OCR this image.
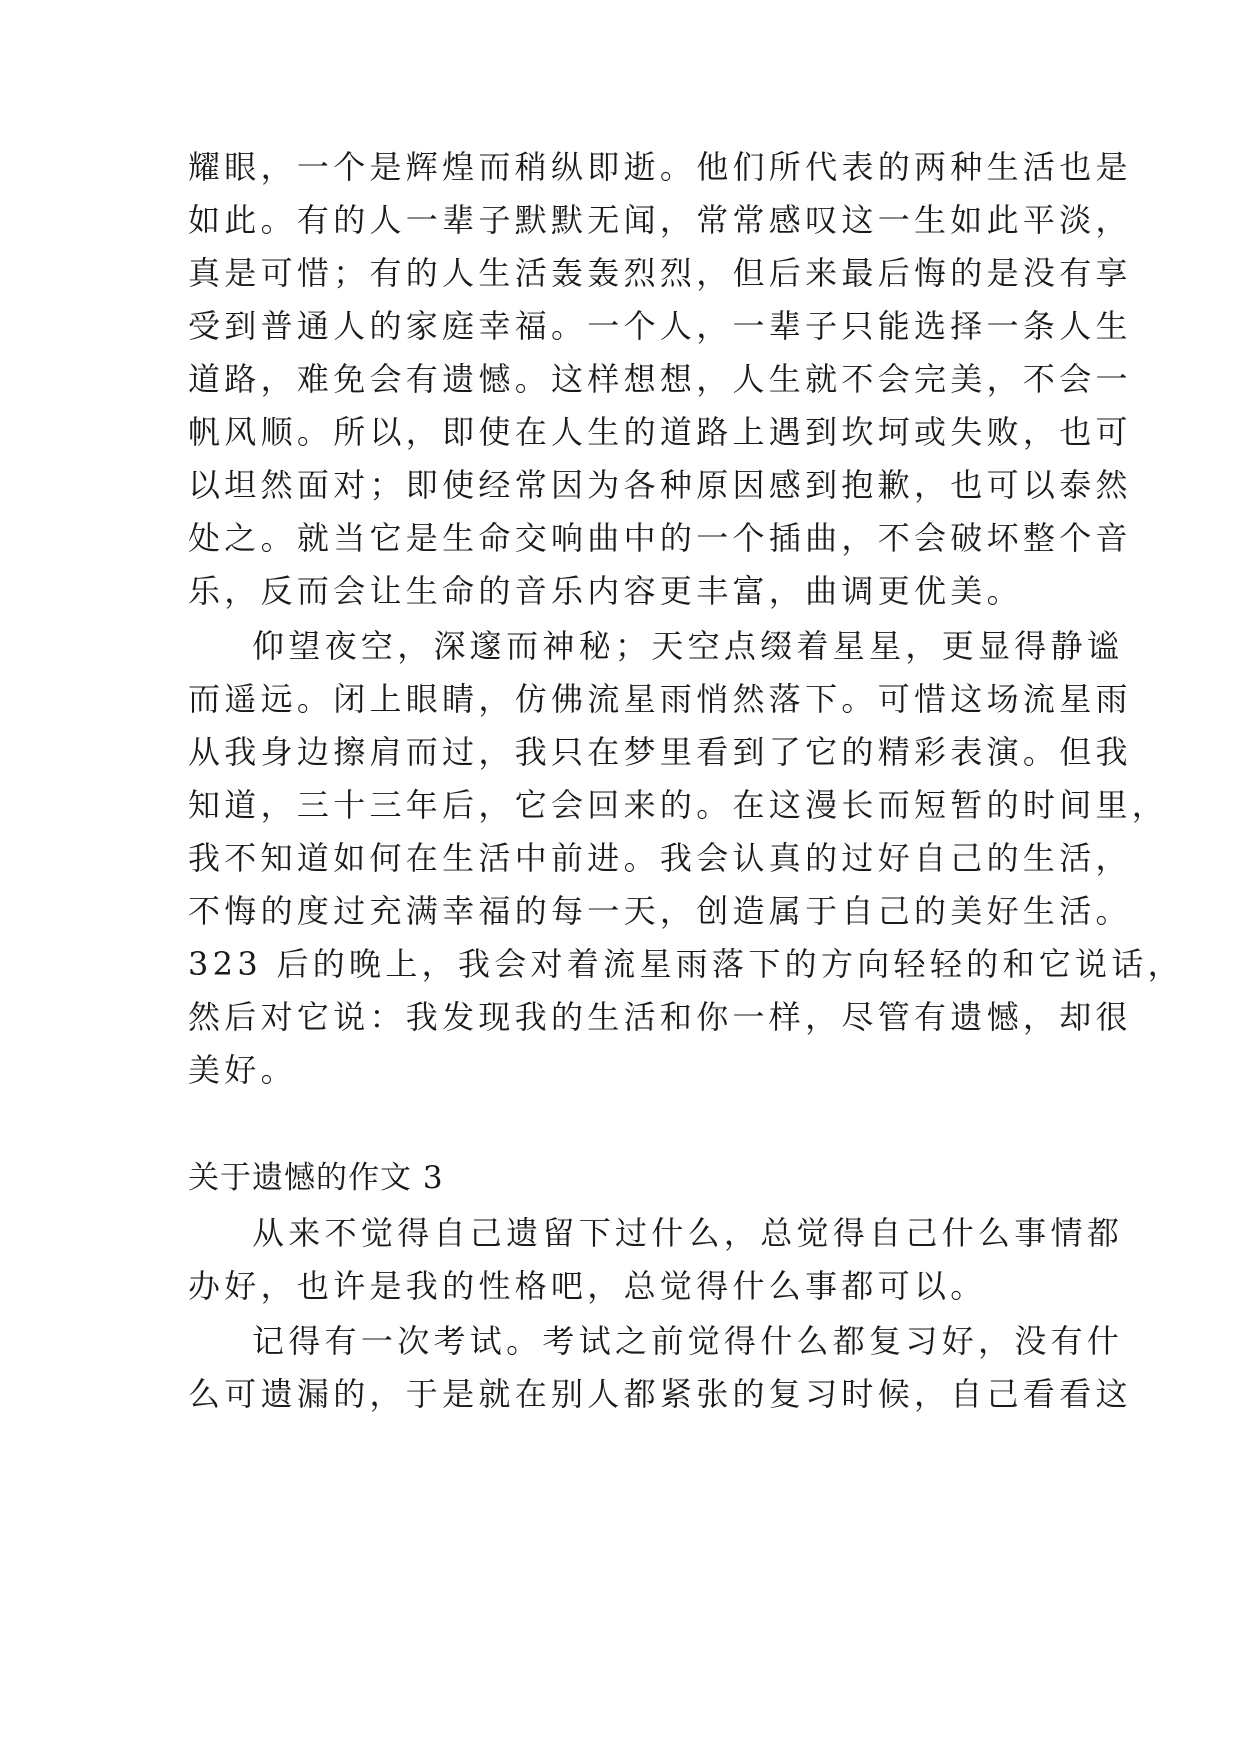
耀眼，一个是辉煌而稍纵即逝。他们所代表的两种生活也是
如此。有的人一辈子默默无闻，常常感叹这一生如此平淡，
真是可惜；有的人生活轰轰烈烈，但后来最后悔的是没有享
受到普通人的家庭幸福。一个人，一辈子只能选择一条人生
道路，难免会有遗憾。这样想想，人生就不会完美，不会一
帆风顺。所以，即使在人生的道路上遇到坎坷或失败，也可
以坦然面对；即使经常因为各种原因感到抱歉，也可以泰然
处之。就当它是生命交响曲中的一个插曲，不会破坏整个音
乐，反而会让生命的音乐内容更丰富，曲调更优美。
仰望夜空，深邃而神秘；天空点缀着星星，更显得静谧
而遥远。闭上眼睛，仿佛流星雨悄然落下。可惜这场流星雨
从我身边擦肩而过，我只在梦里看到了它的精彩表演。但我
知道，三十三年后，它会回来的。在这漫长而短暂的时间里，
我不知道如何在生活中前进。我会认真的过好自己的生活，
不悔的度过充满幸福的每一天，创造属于自己的美好生活。
323 后的晚上，我会对着流星雨落下的方向轻轻的和它说话，
然后对它说：我发现我的生活和你一样，尽管有遗憾，却很
美好。
关于遗憾的作文 3
从来不觉得自己遗留下过什么，总觉得自己什么事情都
办好，也许是我的性格吧，总觉得什么事都可以。
记得有一次考试。考试之前觉得什么都复习好，没有什
么可遗漏的，于是就在别人都紧张的复习时候，自己看看这
